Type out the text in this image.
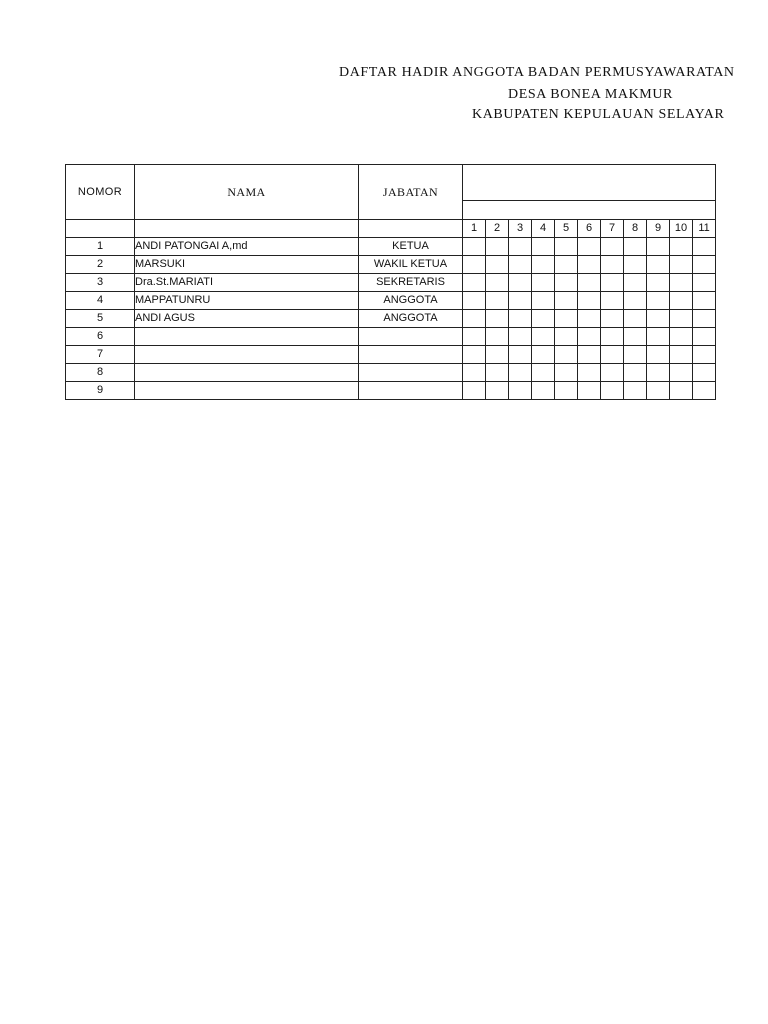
DAFTAR HADIR ANGGOTA BADAN PERMUSYAWARATAN
DESA BONEA MAKMUR
KABUPATEN KEPULAUAN SELAYAR
NOMOR	NAMA	JABATAN											

			1	2	3	4	5	6	7	8	9	10	11
1	ANDI PATONGAI A,md	KETUA											
2	MARSUKI	WAKIL KETUA											
3	Dra.St.MARIATI	SEKRETARIS											
4	MAPPATUNRU	ANGGOTA											
5	ANDI AGUS	ANGGOTA											
6													
7													
8													
9													
